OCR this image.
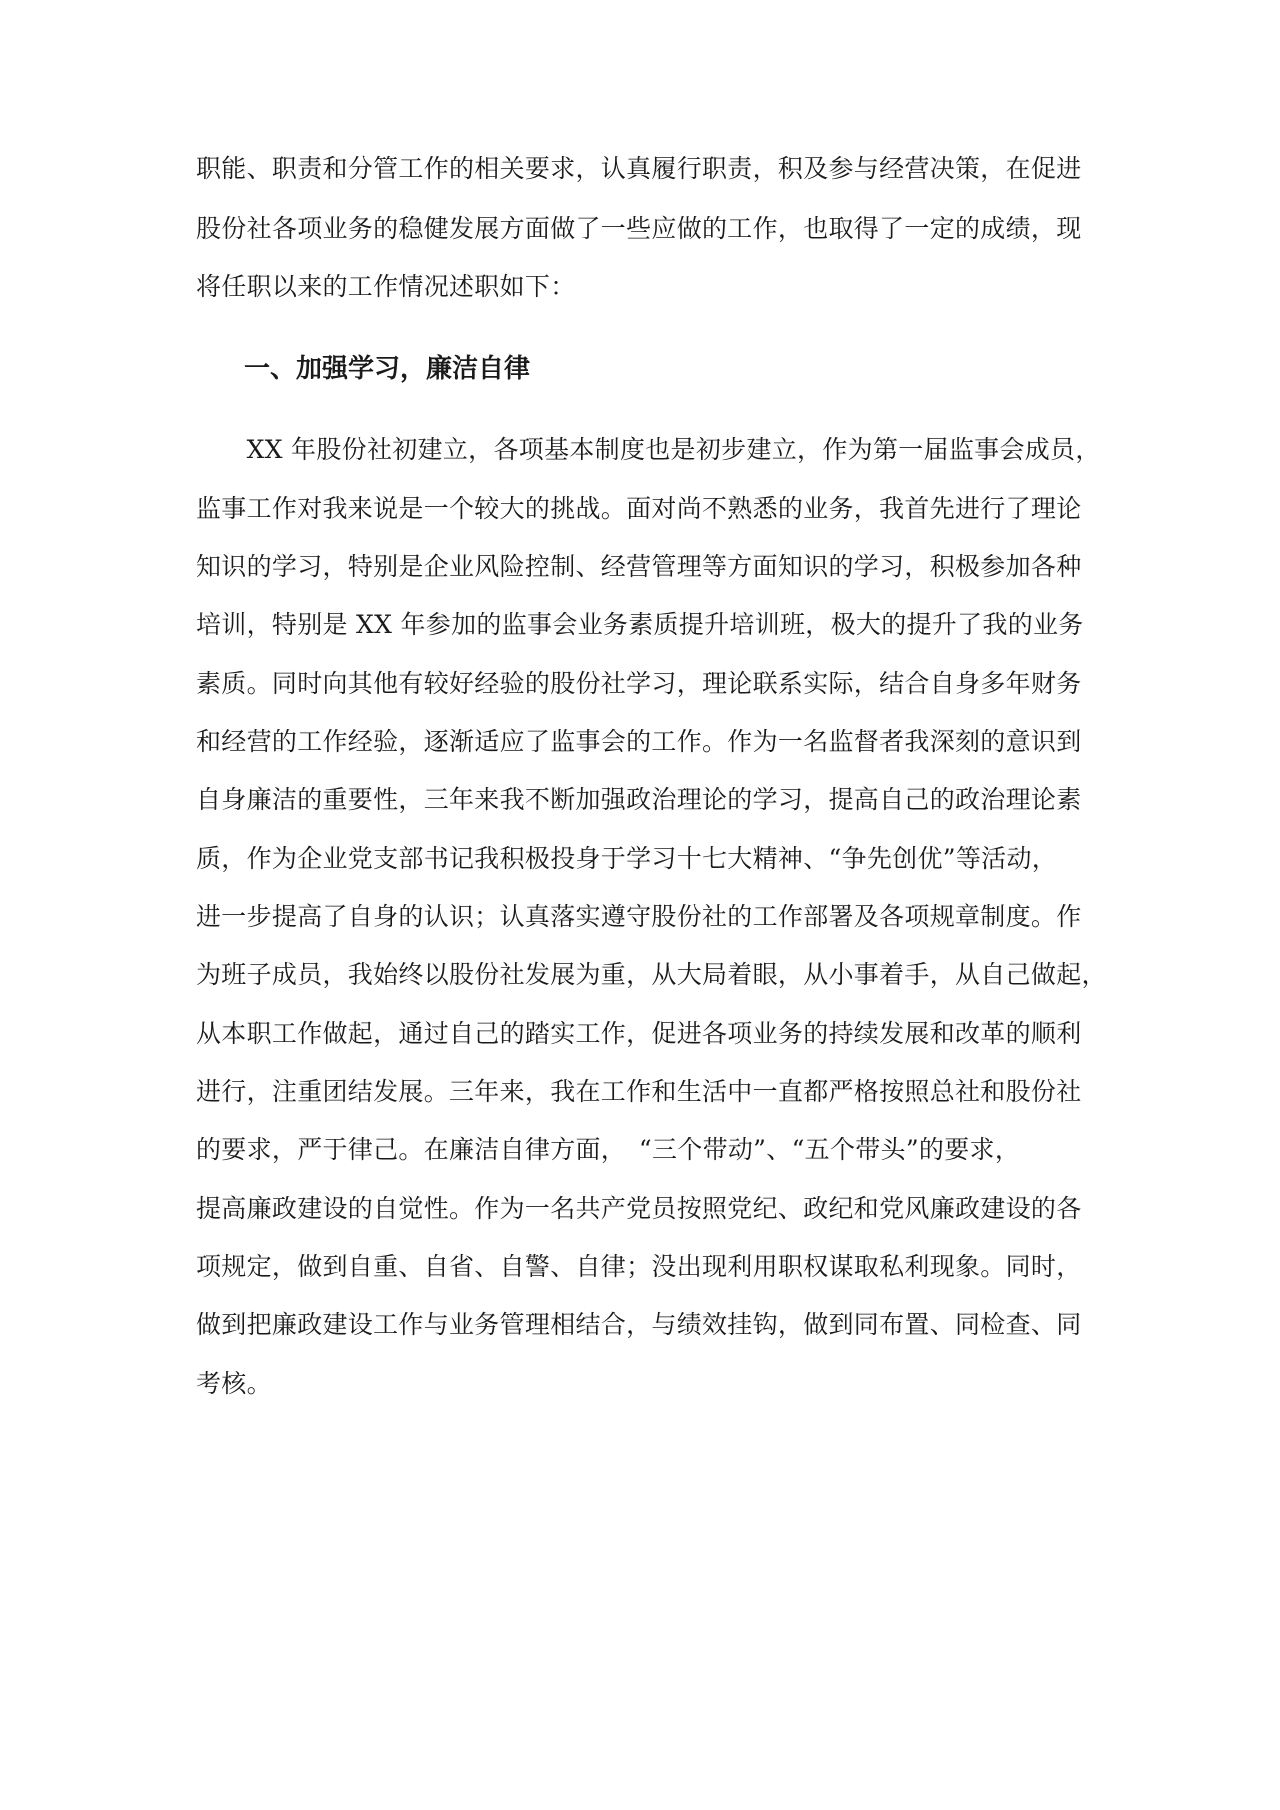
职能、职责和分管工作的相关要求，认真履行职责，积及参与经营决策，在促进
股份社各项业务的稳健发展方面做了一些应做的工作，也取得了一定的成绩，现
将任职以来的工作情况述职如下：
一、加强学习，廉洁自律
　　XX 年股份社初建立，各项基本制度也是初步建立，作为第一届监事会成员，
监事工作对我来说是一个较大的挑战。面对尚不熟悉的业务，我首先进行了理论
知识的学习，特别是企业风险控制、经营管理等方面知识的学习，积极参加各种
培训，特别是 XX 年参加的监事会业务素质提升培训班，极大的提升了我的业务
素质。同时向其他有较好经验的股份社学习，理论联系实际，结合自身多年财务
和经营的工作经验，逐渐适应了监事会的工作。作为一名监督者我深刻的意识到
自身廉洁的重要性，三年来我不断加强政治理论的学习，提高自己的政治理论素
质，作为企业党支部书记我积极投身于学习十七大精神、“争先创优”等活动，
进一步提高了自身的认识；认真落实遵守股份社的工作部署及各项规章制度。作
为班子成员，我始终以股份社发展为重，从大局着眼，从小事着手，从自己做起，
从本职工作做起，通过自己的踏实工作，促进各项业务的持续发展和改革的顺利
进行，注重团结发展。三年来，我在工作和生活中一直都严格按照总社和股份社
的要求，严于律己。在廉洁自律方面，　“三个带动”、“五个带头”的要求，
提高廉政建设的自觉性。作为一名共产党员按照党纪、政纪和党风廉政建设的各
项规定，做到自重、自省、自警、自律；没出现利用职权谋取私利现象。同时，
做到把廉政建设工作与业务管理相结合，与绩效挂钩，做到同布置、同检查、同
考核。
